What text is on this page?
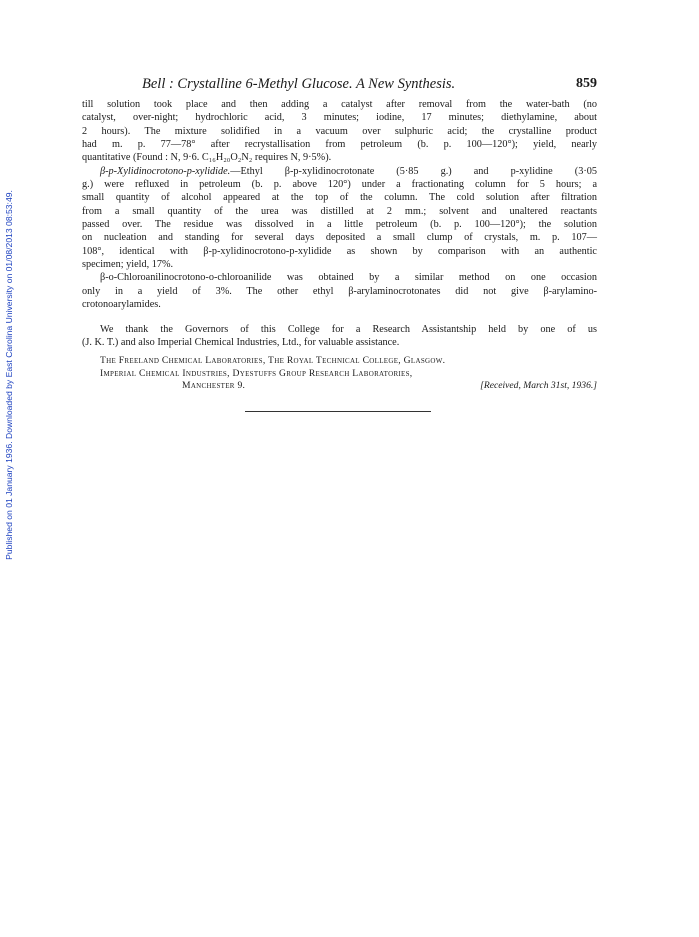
Published on 01 January 1936. Downloaded by East Carolina University on 01/08/2013 08:53:49.
Bell : Crystalline 6-Methyl Glucose. A New Synthesis.	859

till solution took place and then adding a catalyst after removal from the water-bath (no
catalyst, over-night; hydrochloric acid, 3 minutes; iodine, 17 minutes; diethylamine, about
2 hours). The mixture solidified in a vacuum over sulphuric acid; the crystalline product
had m. p. 77—78° after recrystallisation from petroleum (b. p. 100—120°); yield, nearly
quantitative (Found : N, 9·6. C₁₆H₂₀O₂N₂ requires N, 9·5%).

β-p-Xylidinocrotono-p-xylidide.—Ethyl β-p-xylidinocrotonate (5·85 g.) and p-xylidine (3·05
g.) were refluxed in petroleum (b. p. above 120°) under a fractionating column for 5 hours; a
small quantity of alcohol appeared at the top of the column. The cold solution after filtration
from a small quantity of the urea was distilled at 2 mm.; solvent and unaltered reactants
passed over. The residue was dissolved in a little petroleum (b. p. 100—120°); the solution
on nucleation and standing for several days deposited a small clump of crystals, m. p. 107—
108°, identical with β-p-xylidinocrotono-p-xylidide as shown by comparison with an authentic
specimen; yield, 17%.

β-o-Chloroanilinocrotono-o-chloroanilide was obtained by a similar method on one occasion
only in a yield of 3%. The other ethyl β-arylaminocrotonates did not give β-arylamino-
crotonoarylamides.

We thank the Governors of this College for a Research Assistantship held by one of us
(J. K. T.) and also Imperial Chemical Industries, Ltd., for valuable assistance.

The Freeland Chemical Laboratories, The Royal Technical College, Glasgow.
Imperial Chemical Industries, Dyestuffs Group Research Laboratories,
Manchester 9.	[Received, March 31st, 1936.]
